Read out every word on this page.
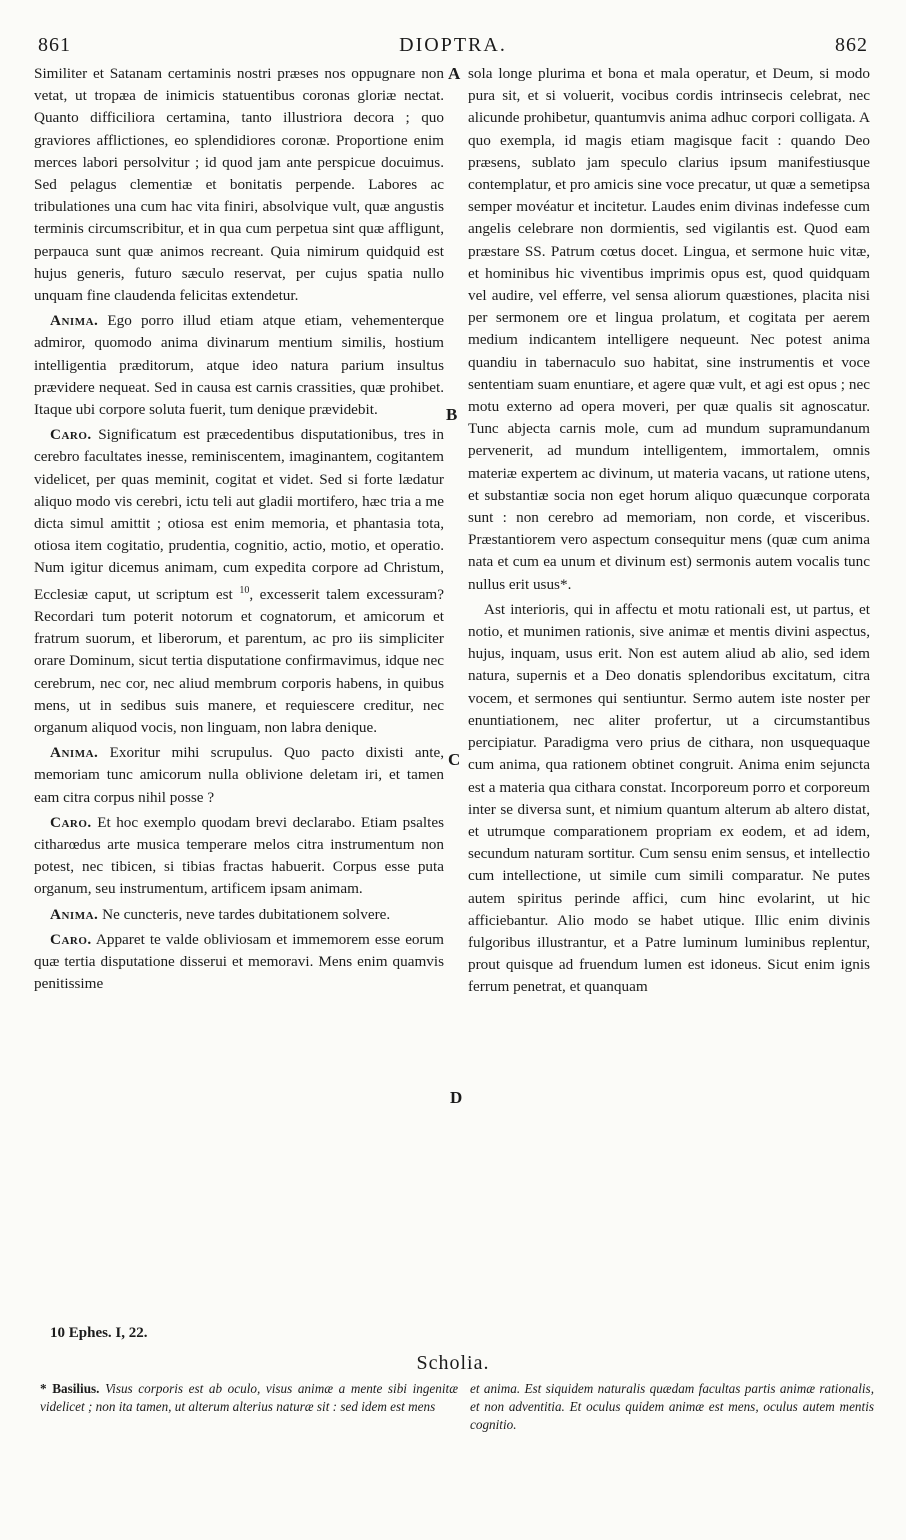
861	DIOPTRA.	862

Similiter et Satanam certaminis nostri præses nos oppugnare non vetat, ut tropæa de inimicis statuentibus coronas gloriæ nectat. Quanto difficiliora certamina, tanto illustriora decora ; quo graviores afflictiones, eo splendidiores coronæ. Proportione enim merces labori persolvitur ; id quod jam ante perspicue docuimus. Sed pelagus clementiæ et bonitatis perpende. Labores ac tribulationes una cum hac vita finiri, absolvique vult, quæ angustis terminis circumscribitur, et in qua cum perpetua sint quæ affligunt, perpauca sunt quæ animos recreant. Quia nimirum quidquid est hujus generis, futuro sæculo reservat, per cujus spatia nullo unquam fine claudenda felicitas extendetur.

Anima. Ego porro illud etiam atque etiam, vehementerque admiror, quomodo anima divinarum mentium similis, hostium intelligentia præditorum, atque ideo natura parium insultus prævidere nequeat. Sed in causa est carnis crassities, quæ prohibet. Itaque ubi corpore soluta fuerit, tum denique prævidebit.

Caro. Significatum est præcedentibus disputationibus, tres in cerebro facultates inesse, reminiscentem, imaginantem, cogitantem videlicet, per quas meminit, cogitat et videt. Sed si forte lædatur aliquo modo vis cerebri, ictu teli aut gladii mortifero, hæc tria a me dicta simul amittit ; otiosa est enim memoria, et phantasia tota, otiosa item cogitatio, prudentia, cognitio, actio, motio, et operatio. Num igitur dicemus animam, cum expedita corpore ad Christum, Ecclesiæ caput, ut scriptum est $^{10}$, excesserit talem excessuram? Recordari tum poterit notorum et cognatorum, et amicorum et fratrum suorum, et liberorum, et parentum, ac pro iis simpliciter orare Dominum, sicut tertia disputatione confirmavimus, idque nec cerebrum, nec cor, nec aliud membrum corporis habens, in quibus mens, ut in sedibus suis manere, et requiescere creditur, nec organum aliquod vocis, non linguam, non labra denique.

Anima. Exoritur mihi scrupulus. Quo pacto dixisti ante, memoriam tunc amicorum nulla oblivione deletam iri, et tamen eam citra corpus nihil posse ?

Caro. Et hoc exemplo quodam brevi declarabo. Etiam psaltes citharœdus arte musica temperare melos citra instrumentum non potest, nec tibicen, si tibias fractas habuerit. Corpus esse puta organum, seu instrumentum, artificem ipsam animam.

Anima. Ne cuncteris, neve tardes dubitationem solvere.

Caro. Apparet te valde obliviosam et immemorem esse eorum quæ tertia disputatione disserui et memoravi. Mens enim quamvis penitissime

A
B
C
D

sola longe plurima et bona et mala operatur, et Deum, si modo pura sit, et si voluerit, vocibus cordis intrinsecis celebrat, nec alicunde prohibetur, quantumvis anima adhuc corpori colligata. A quo exempla, id magis etiam magisque facit : quando Deo præsens, sublato jam speculo clarius ipsum manifestiusque contemplatur, et pro amicis sine voce precatur, ut quæ a semetipsa semper movéatur et incitetur. Laudes enim divinas indefesse cum angelis celebrare non dormientis, sed vigilantis est. Quod eam præstare SS. Patrum cœtus docet. Lingua, et sermone huic vitæ, et hominibus hic viventibus imprimis opus est, quod quidquam vel audire, vel efferre, vel sensa aliorum quæstiones, placita nisi per sermonem ore et lingua prolatum, et cogitata per aerem medium indicantem intelligere nequeunt. Nec potest anima quandiu in tabernaculo suo habitat, sine instrumentis et voce sententiam suam enuntiare, et agere quæ vult, et agi est opus ; nec motu externo ad opera moveri, per quæ qualis sit agnoscatur. Tunc abjecta carnis mole, cum ad mundum supramundanum pervenerit, ad mundum intelligentem, immortalem, omnis materiæ expertem ac divinum, ut materia vacans, ut ratione utens, et substantiæ socia non eget horum aliquo quæcunque corporata sunt : non cerebro ad memoriam, non corde, et visceribus. Præstantiorem vero aspectum consequitur mens (quæ cum anima nata et cum ea unum et divinum est) sermonis autem vocalis tunc nullus erit usus*.

Ast interioris, qui in affectu et motu rationali est, ut partus, et notio, et munimen rationis, sive animæ et mentis divini aspectus, hujus, inquam, usus erit. Non est autem aliud ab alio, sed idem natura, supernis et a Deo donatis splendoribus excitatum, citra vocem, et sermones qui sentiuntur. Sermo autem iste noster per enuntiationem, nec aliter profertur, ut a circumstantibus percipiatur. Paradigma vero prius de cithara, non usquequaque cum anima, qua rationem obtinet congruit. Anima enim sejuncta est a materia qua cithara constat. Incorporeum porro et corporeum inter se diversa sunt, et nimium quantum alterum ab altero distat, et utrumque comparationem propriam ex eodem, et ad idem, secundum naturam sortitur. Cum sensu enim sensus, et intellectio cum intellectione, ut simile cum simili comparatur. Ne putes autem spiritus perinde affici, cum hinc evolarint, ut hic afficiebantur. Alio modo se habet utique. Illic enim divinis fulgoribus illustrantur, et a Patre luminum luminibus replentur, prout quisque ad fruendum lumen est idoneus. Sicut enim ignis ferrum penetrat, et quanquam

10 Ephes. I, 22.
Scholia.
* Basilius. Visus corporis est ab oculo, visus animæ a mente sibi ingenitæ videlicet ; non ita tamen, ut alterum alterius naturæ sit : sed idem est mens
et anima. Est siquidem naturalis quædam facultas partis animæ rationalis, et non adventitia. Et oculus quidem animæ est mens, oculus autem mentis cognitio.
